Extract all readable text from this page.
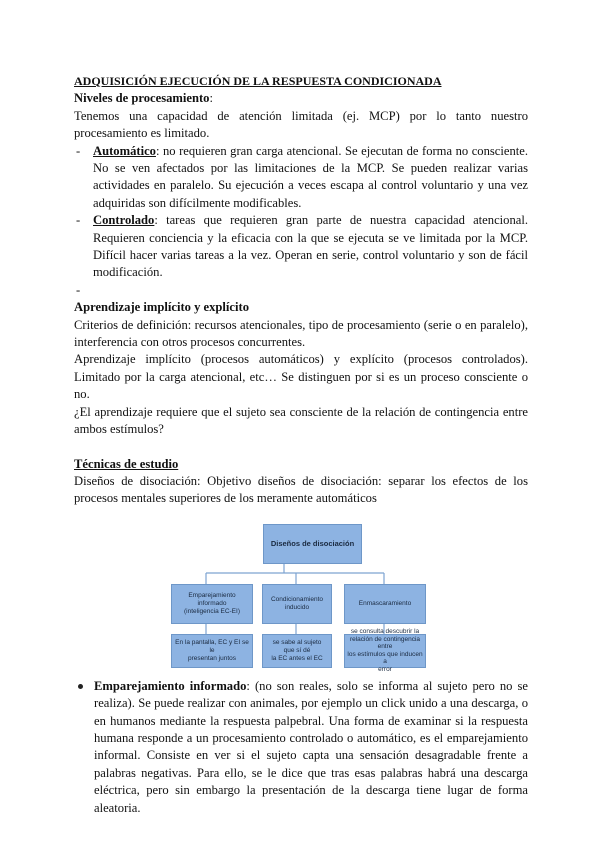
ADQUISICIÓN EJECUCIÓN DE LA RESPUESTA CONDICIONADA

Niveles de procesamiento:

Tenemos una capacidad de atención limitada (ej. MCP) por lo tanto nuestro procesamiento es limitado.

- Automático: no requieren gran carga atencional. Se ejecutan de forma no consciente. No se ven afectados por las limitaciones de la MCP. Se pueden realizar varias actividades en paralelo. Su ejecución a veces escapa al control voluntario y una vez adquiridas son difícilmente modificables.
- Controlado: tareas que requieren gran parte de nuestra capacidad atencional. Requieren conciencia y la eficacia con la que se ejecuta se ve limitada por la MCP. Difícil hacer varias tareas a la vez. Operan en serie, control voluntario y son de fácil modificación.
-

Aprendizaje implícito y explícito

Criterios de definición: recursos atencionales, tipo de procesamiento (serie o en paralelo), interferencia con otros procesos concurrentes.

Aprendizaje implícito (procesos automáticos) y explícito (procesos controlados). Limitado por la carga atencional, etc… Se distinguen por si es un proceso consciente o no.

¿El aprendizaje requiere que el sujeto sea consciente de la relación de contingencia entre ambos estímulos?

Técnicas de estudio

Diseños de disociación: Objetivo diseños de disociación: separar los efectos de los procesos mentales superiores de los meramente automáticos

Diseños de disociación
Emparejamiento
informado
(inteligencia EC-EI)
Condicionamiento
inducido
Enmascaramiento
En la pantalla, EC y EI se le
presentan juntos
se sabe al sujeto
que sí dé
la EC antes el EC
se consulta descubrir la
relación de contingencia entre
los estímulos que inducen a
error
Emparejamiento informado: (no son reales, solo se informa al sujeto pero no se realiza). Se puede realizar con animales, por ejemplo un click unido a una descarga, o en humanos mediante la respuesta palpebral. Una forma de examinar si la respuesta humana responde a un procesamiento controlado o automático, es el emparejamiento informal. Consiste en ver si el sujeto capta una sensación desagradable frente a palabras negativas. Para ello, se le dice que tras esas palabras habrá una descarga eléctrica, pero sin embargo la presentación de la descarga tiene lugar de forma aleatoria.
